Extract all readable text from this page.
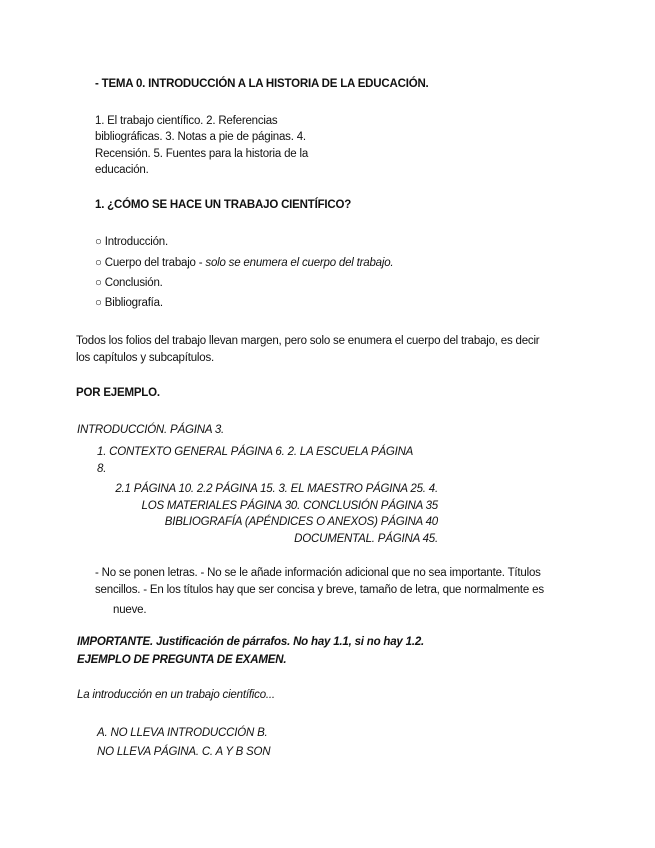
- TEMA 0. INTRODUCCIÓN A LA HISTORIA DE LA EDUCACIÓN.

1. El trabajo científico. 2. Referencias
bibliográficas. 3. Notas a pie de páginas. 4.
Recensión. 5. Fuentes para la historia de la
educación.

1. ¿CÓMO SE HACE UN TRABAJO CIENTÍFICO?

○ Introducción.

○ Cuerpo del trabajo - solo se enumera el cuerpo del trabajo.

○ Conclusión.

○ Bibliografía.

Todos los folios del trabajo llevan margen, pero solo se enumera el cuerpo del trabajo, es decir
los capítulos y subcapítulos.

POR EJEMPLO.

INTRODUCCIÓN. PÁGINA 3.

1. CONTEXTO GENERAL PÁGINA 6. 2. LA ESCUELA PÁGINA
8.
2.1 PÁGINA 10. 2.2 PÁGINA 15. 3. EL MAESTRO PÁGINA 25. 4.
LOS MATERIALES PÁGINA 30. CONCLUSIÓN PÁGINA 35
BIBLIOGRAFÍA (APÉNDICES O ANEXOS) PÁGINA 40
DOCUMENTAL. PÁGINA 45.

- No se ponen letras. - No se le añade información adicional que no sea importante. Títulos

sencillos. - En los títulos hay que ser concisa y breve, tamaño de letra, que normalmente es

nueve.

IMPORTANTE. Justificación de párrafos. No hay 1.1, si no hay 1.2.

EJEMPLO DE PREGUNTA DE EXAMEN.

La introducción en un trabajo científico...

A. NO LLEVA INTRODUCCIÓN B.
NO LLEVA PÁGINA. C. A Y B SON
